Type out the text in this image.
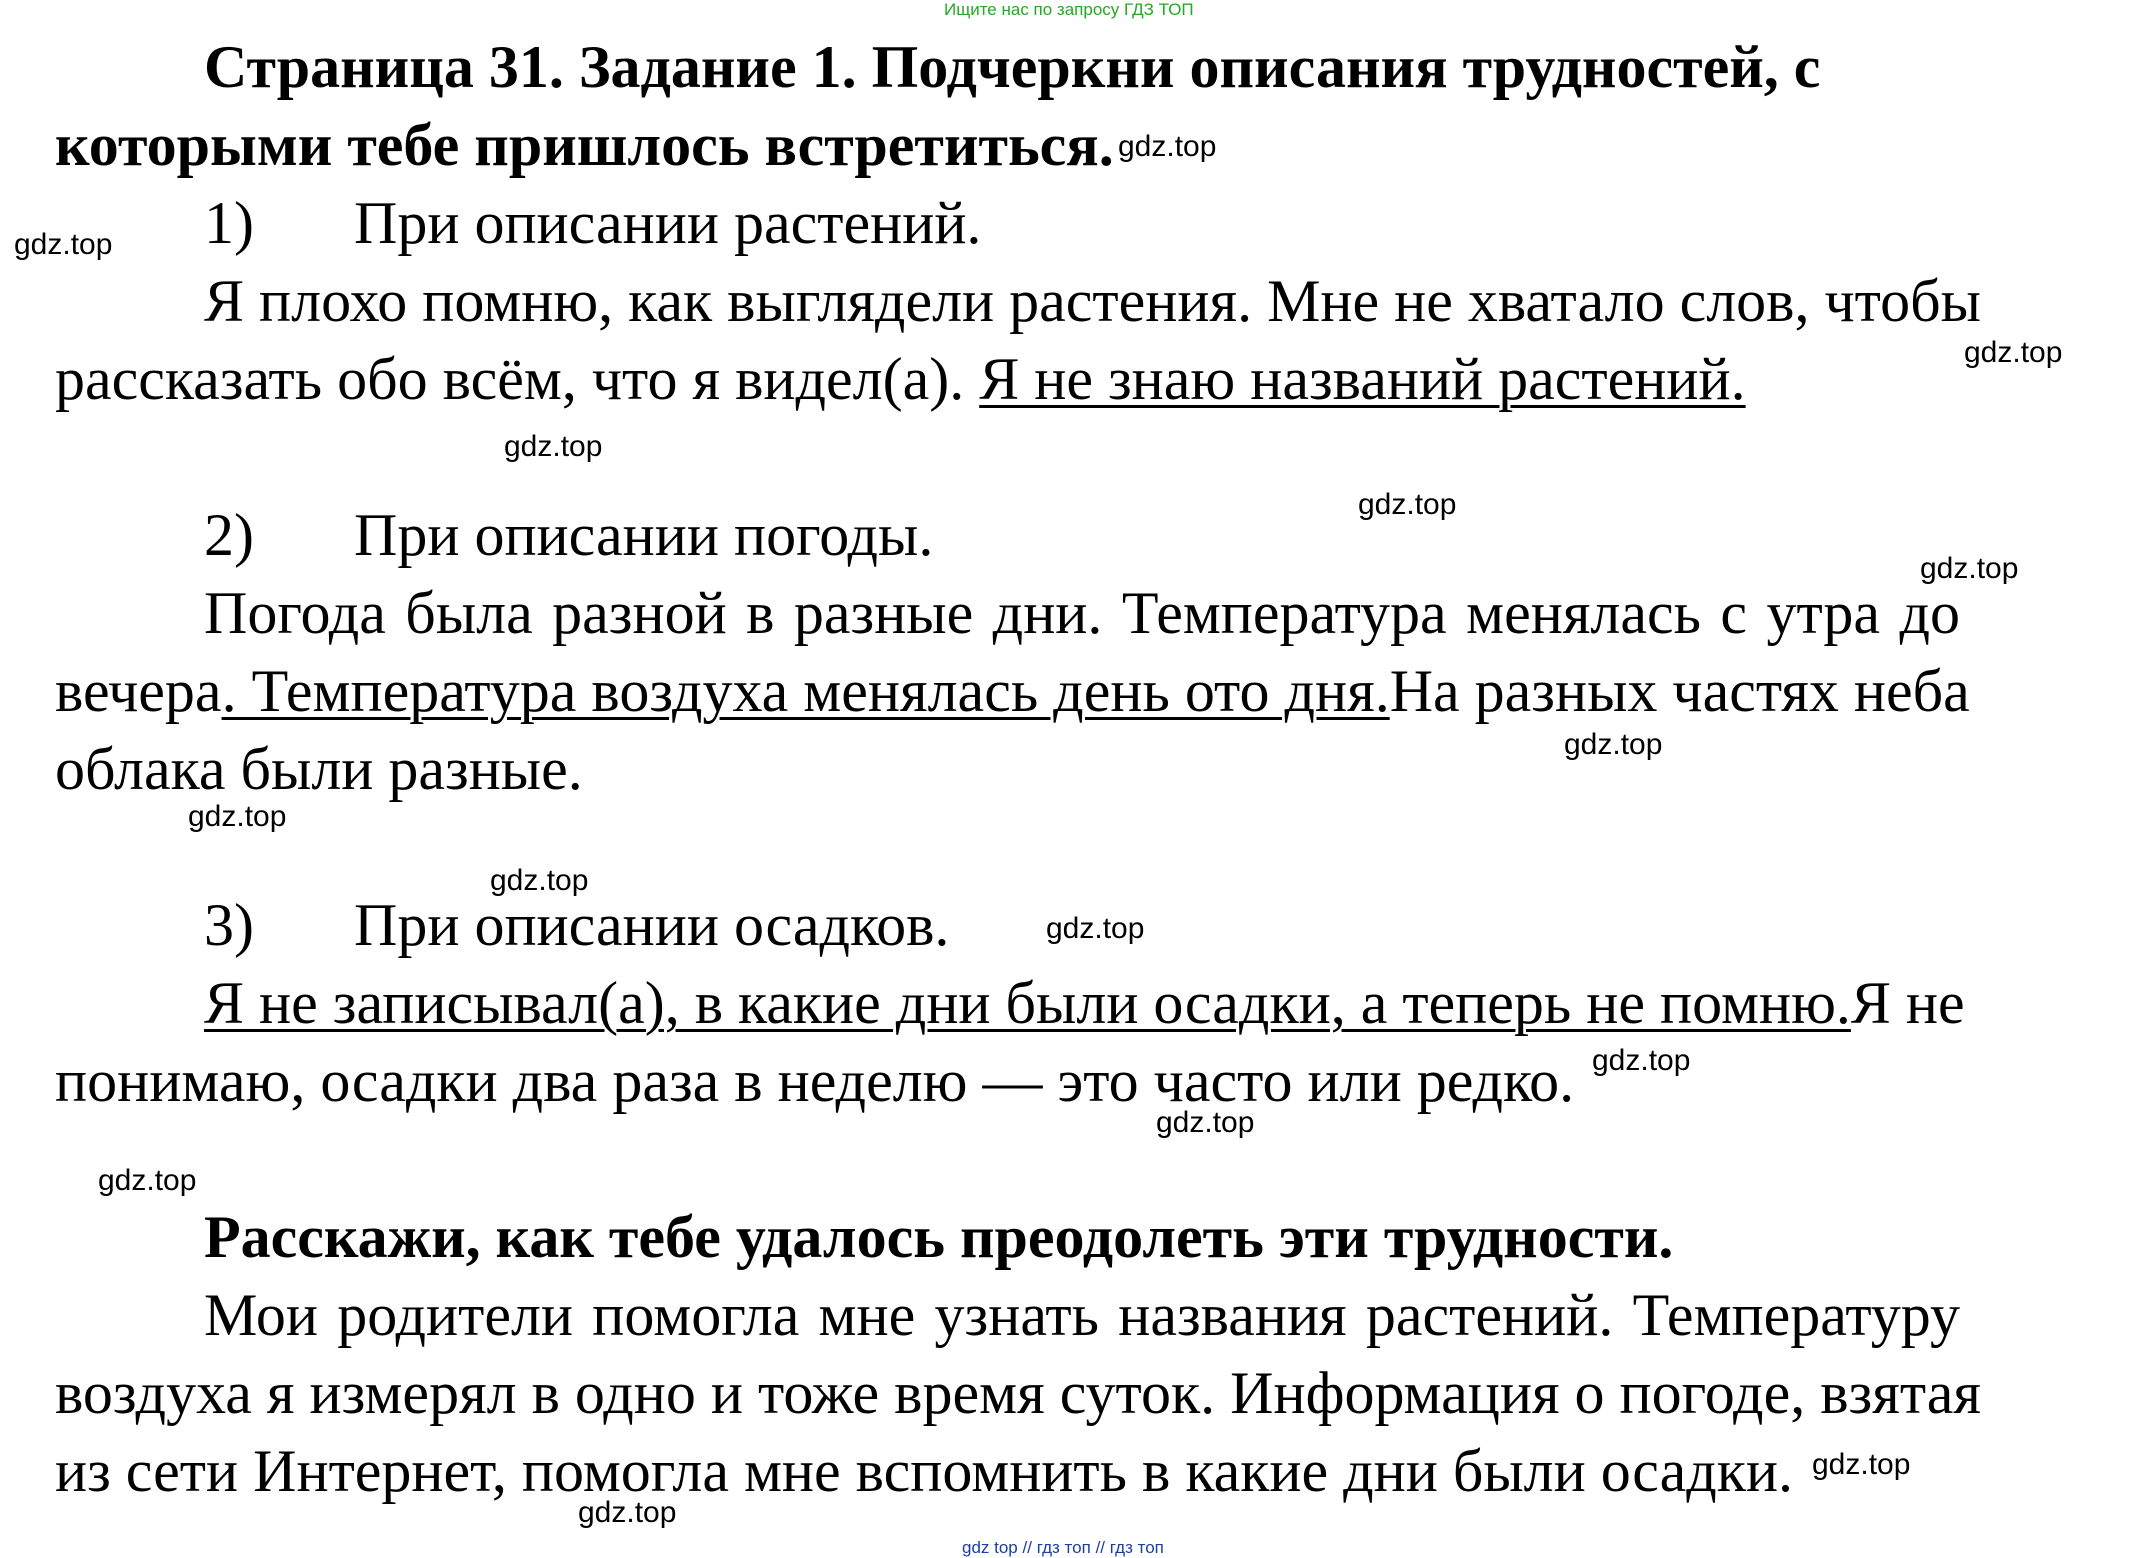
Ищите нас по запросу ГДЗ ТОП
Страница 31. Задание 1. Подчеркни описания трудностей, с
которыми тебе пришлось встретиться.
1) При описании растений.
Я плохо помню, как выглядели растения. Мне не хватало слов, чтобы
рассказать обо всём, что я видел(а). Я не знаю названий растений.
2) При описании погоды.
Погода была разной в разные дни. Температура менялась с утра до
вечера. Температура воздуха менялась день ото дня. На разных частях неба
облака были разные.
3) При описании осадков.
Я не записывал(а), в какие дни были осадки, а теперь не помню. Я не
понимаю, осадки два раза в неделю — это часто или редко.
Расскажи, как тебе удалось преодолеть эти трудности.
Мои родители помогла мне узнать названия растений. Температуру
воздуха я измерял в одно и тоже время суток. Информация о погоде, взятая
из сети Интернет, помогла мне вспомнить в какие дни были осадки.
gdz.top
gdz.top
gdz.top
gdz.top
gdz.top
gdz.top
gdz.top
gdz.top
gdz.top
gdz.top
gdz.top
gdz.top
gdz.top
gdz.top
gdz.top
gdz top // гдз топ // гдз топ
